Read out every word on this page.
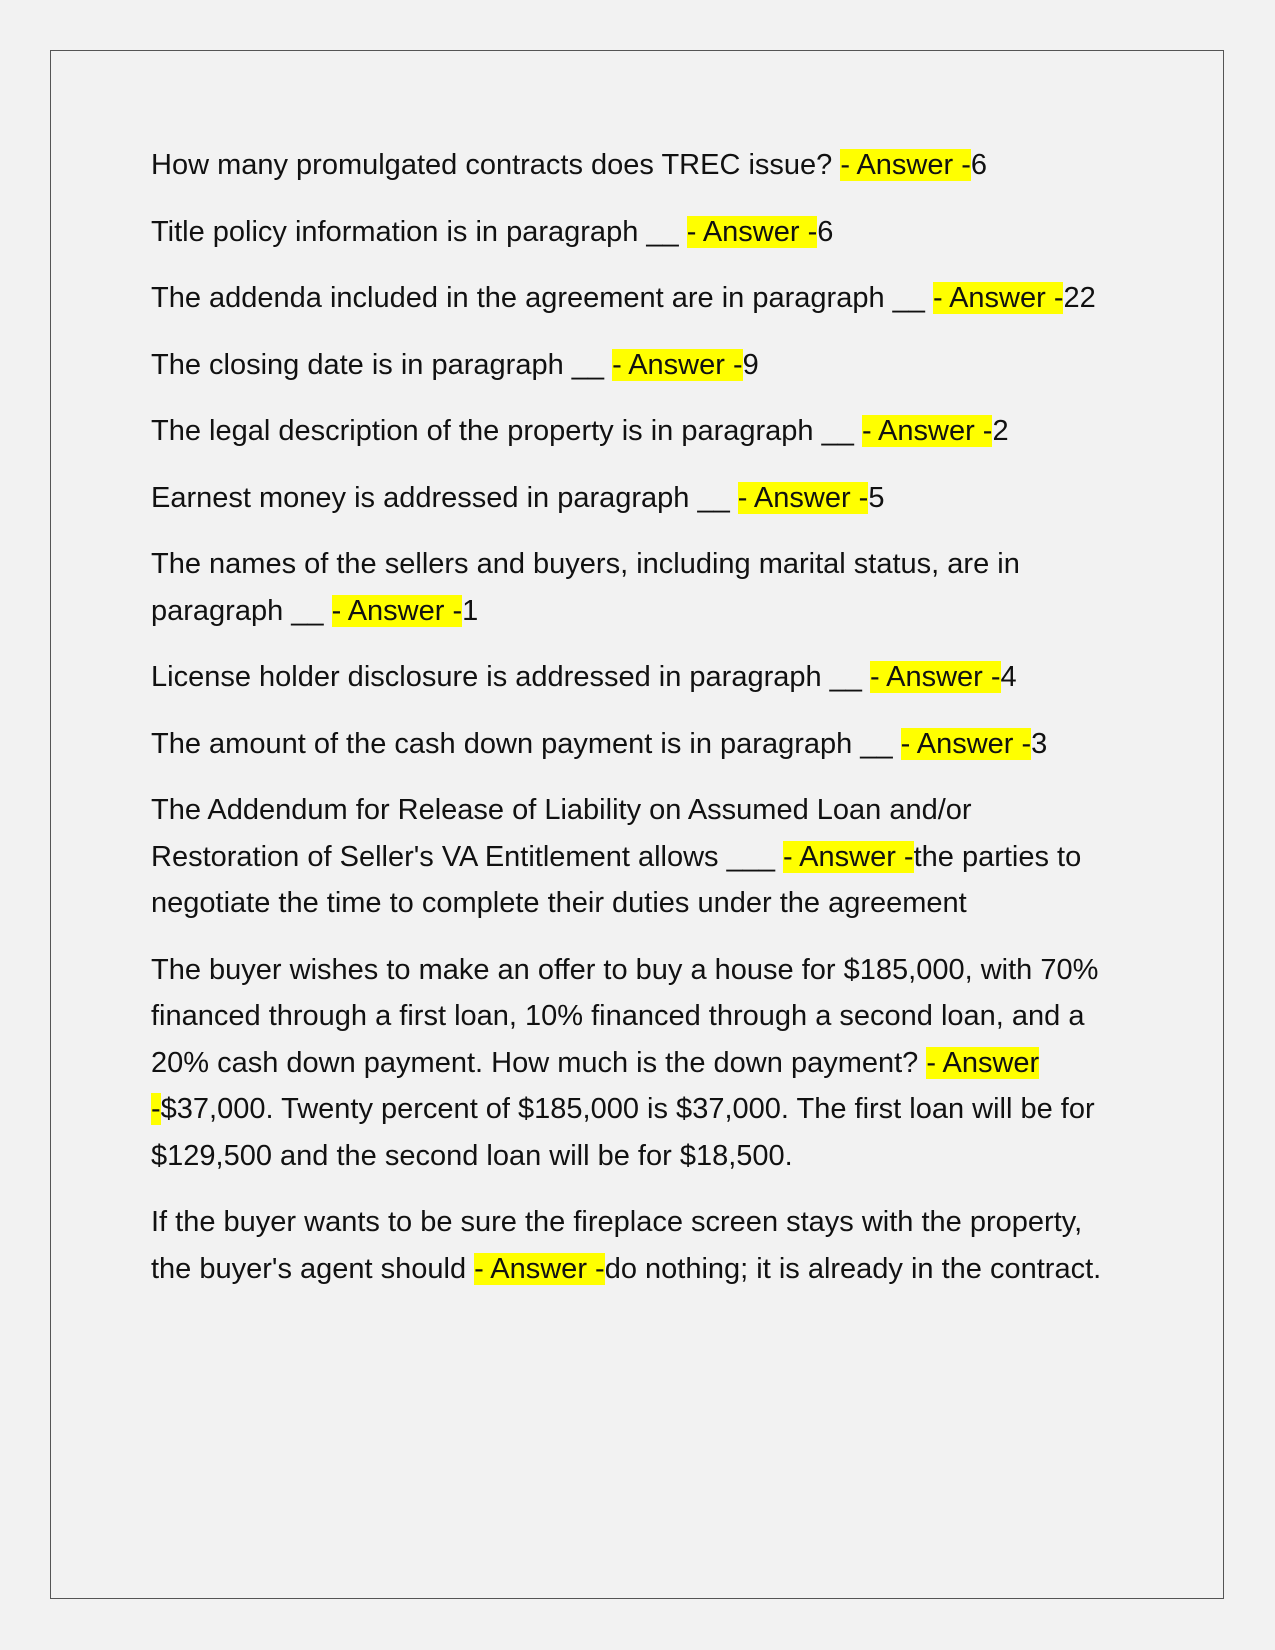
How many promulgated contracts does TREC issue? - Answer -6

Title policy information is in paragraph __ - Answer -6

The addenda included in the agreement are in paragraph __ - Answer -22

The closing date is in paragraph __ - Answer -9

The legal description of the property is in paragraph __ - Answer -2

Earnest money is addressed in paragraph __ - Answer -5

The names of the sellers and buyers, including marital status, are in paragraph __ - Answer -1

License holder disclosure is addressed in paragraph __ - Answer -4

The amount of the cash down payment is in paragraph __ - Answer -3

The Addendum for Release of Liability on Assumed Loan and/or Restoration of Seller's VA Entitlement allows ___ - Answer -the parties to negotiate the time to complete their duties under the agreement

The buyer wishes to make an offer to buy a house for $185,000, with 70% financed through a first loan, 10% financed through a second loan, and a 20% cash down payment. How much is the down payment? - Answer -$37,000. Twenty percent of $185,000 is $37,000. The first loan will be for $129,500 and the second loan will be for $18,500.

If the buyer wants to be sure the fireplace screen stays with the property, the buyer's agent should - Answer -do nothing; it is already in the contract.
